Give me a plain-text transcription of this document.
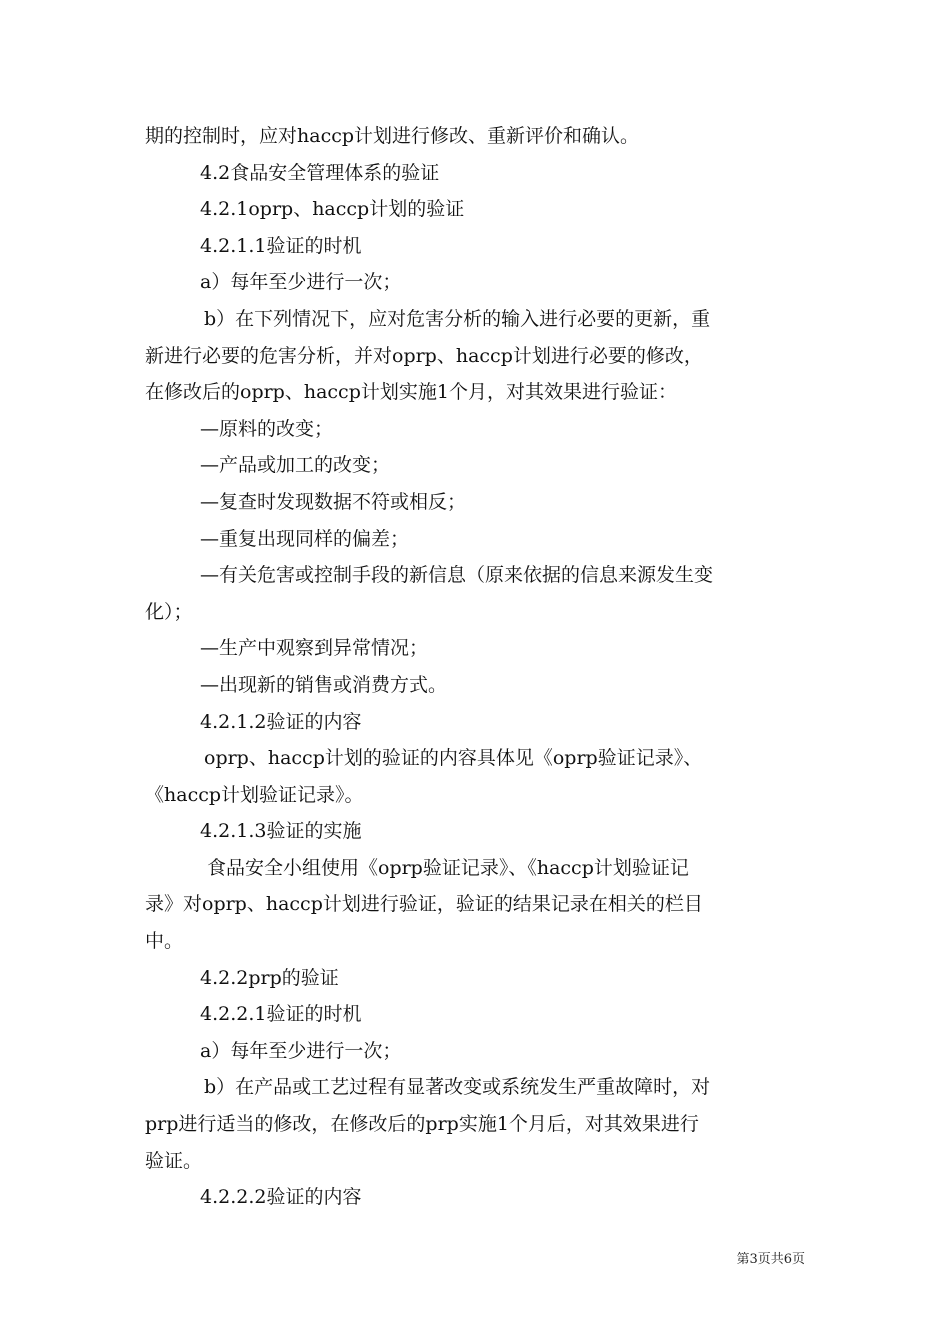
期的控制时，应对haccp计划进行修改、重新评价和确认。
4.2食品安全管理体系的验证
4.2.1oprp、haccp计划的验证
4.2.1.1验证的时机
a）每年至少进行一次；
b）在下列情况下，应对危害分析的输入进行必要的更新，重
新进行必要的危害分析，并对oprp、haccp计划进行必要的修改，
在修改后的oprp、haccp计划实施1个月，对其效果进行验证：
—原料的改变；
—产品或加工的改变；
—复查时发现数据不符或相反；
—重复出现同样的偏差；
—有关危害或控制手段的新信息（原来依据的信息来源发生变
化）；
—生产中观察到异常情况；
—出现新的销售或消费方式。
4.2.1.2验证的内容
oprp、haccp计划的验证的内容具体见《oprp验证记录》、
《haccp计划验证记录》。
4.2.1.3验证的实施
食品安全小组使用《oprp验证记录》、《haccp计划验证记
录》对oprp、haccp计划进行验证，验证的结果记录在相关的栏目
中。
4.2.2prp的验证
4.2.2.1验证的时机
a）每年至少进行一次；
b）在产品或工艺过程有显著改变或系统发生严重故障时，对
prp进行适当的修改，在修改后的prp实施1个月后，对其效果进行
验证。
4.2.2.2验证的内容
第3页共6页
